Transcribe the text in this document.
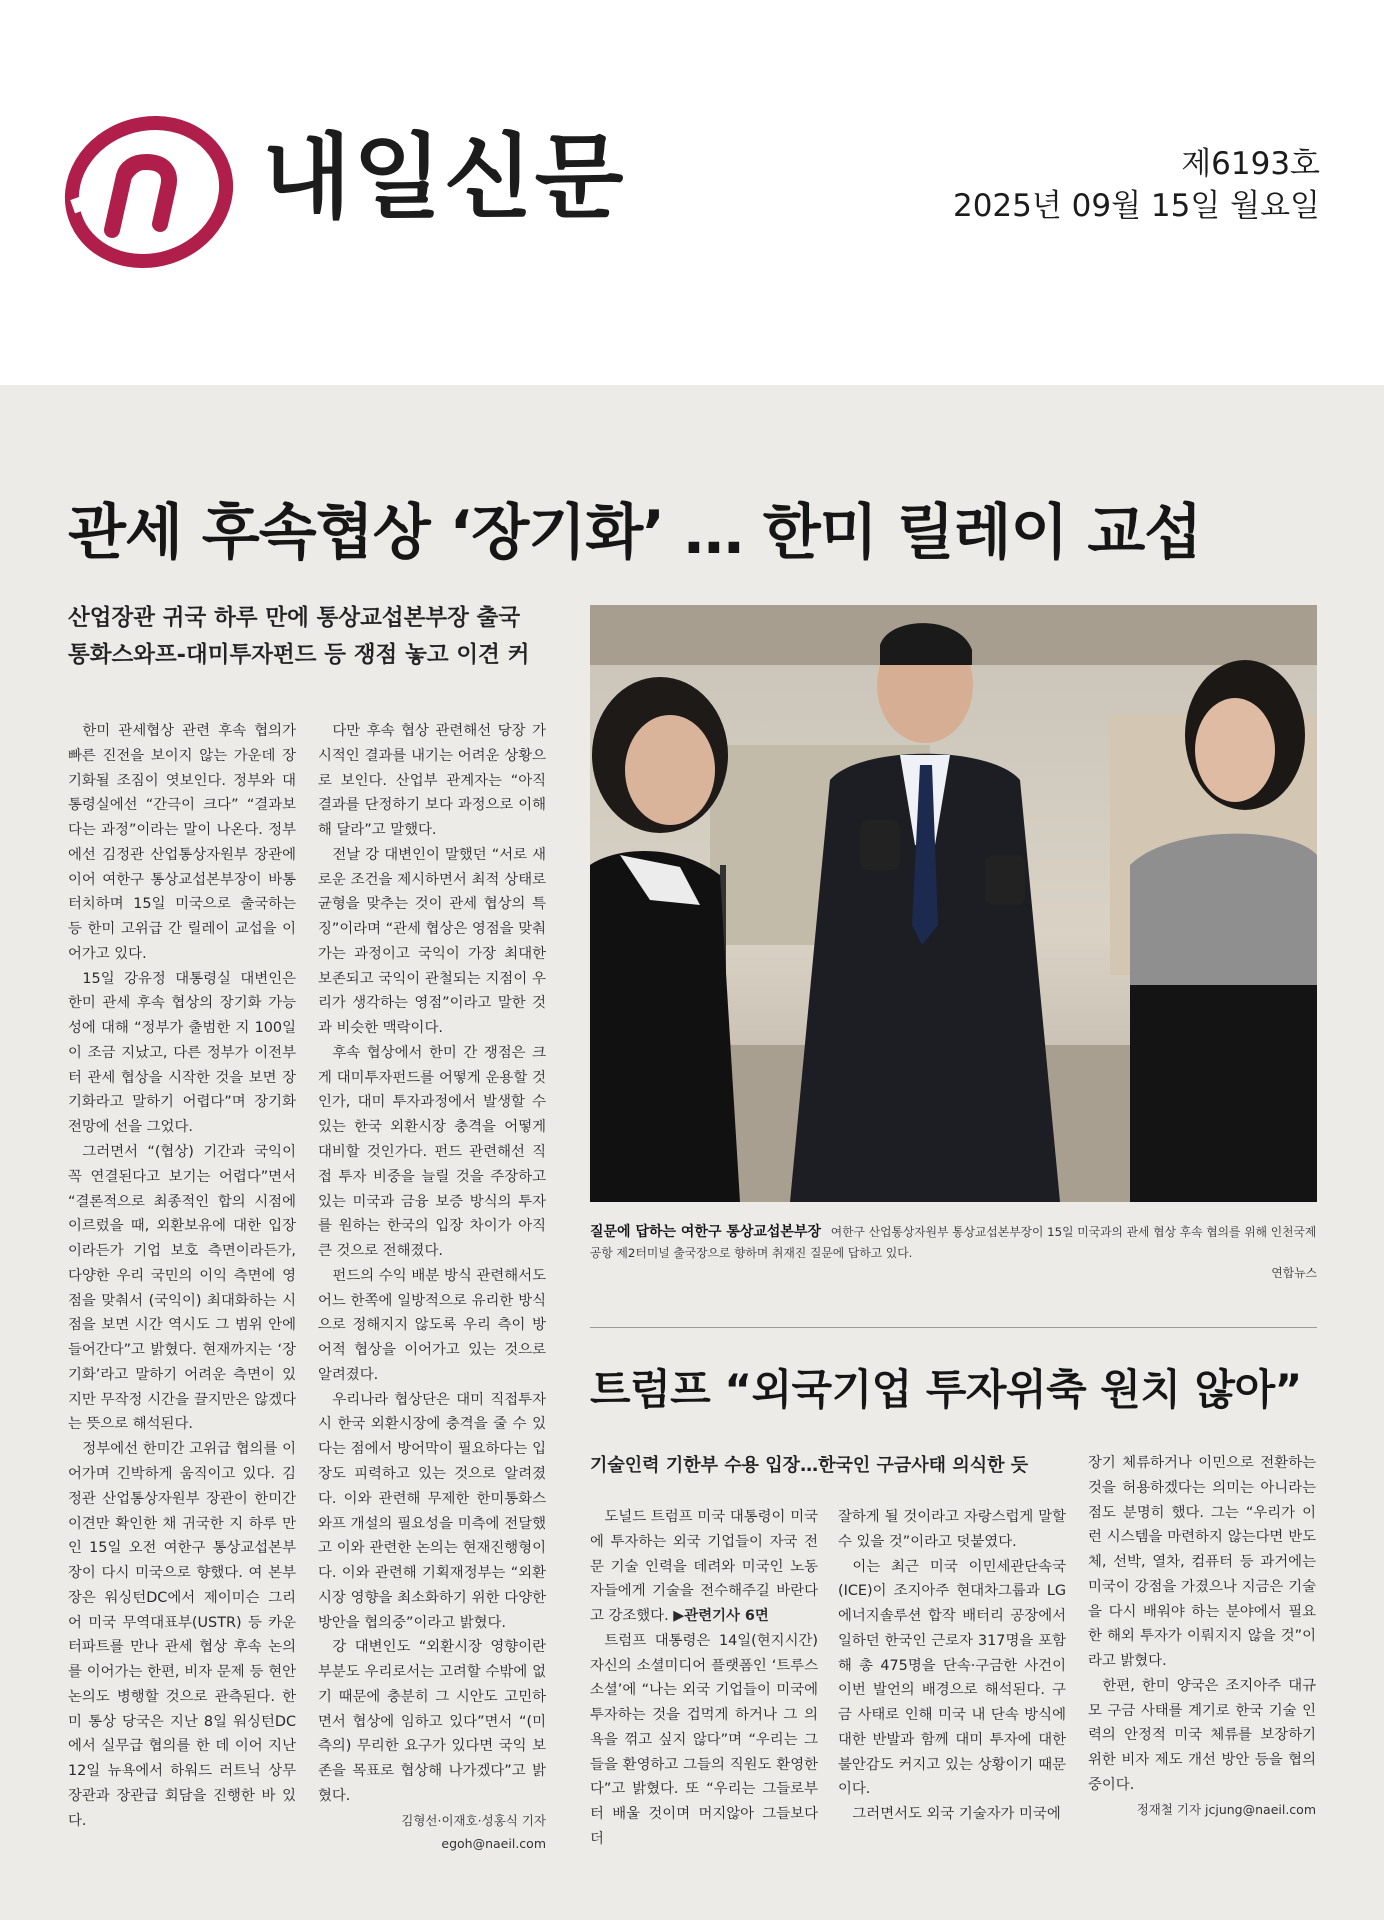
내일신문	제6193호
2025년 09월 15일 월요일
관세 후속협상 ‘장기화’ … 한미 릴레이 교섭
산업장관 귀국 하루 만에 통상교섭본부장 출국
통화스와프-대미투자펀드 등 쟁점 놓고 이견 커

한미 관세협상 관련 후속 협의가 빠른 진전을 보이지 않는 가운데 장기화될 조짐이 엿보인다. 정부와 대통령실에선 “간극이 크다” “결과보다는 과정”이라는 말이 나온다. 정부에선 김정관 산업통상자원부 장관에 이어 여한구 통상교섭본부장이 바통터치하며 15일 미국으로 출국하는 등 한미 고위급 간 릴레이 교섭을 이어가고 있다.

15일 강유정 대통령실 대변인은 한미 관세 후속 협상의 장기화 가능성에 대해 “정부가 출범한 지 100일이 조금 지났고, 다른 정부가 이전부터 관세 협상을 시작한 것을 보면 장기화라고 말하기 어렵다”며 장기화 전망에 선을 그었다.

그러면서 “(협상) 기간과 국익이 꼭 연결된다고 보기는 어렵다”면서 “결론적으로 최종적인 합의 시점에 이르렀을 때, 외환보유에 대한 입장이라든가 기업 보호 측면이라든가, 다양한 우리 국민의 이익 측면에 영점을 맞춰서 (국익이) 최대화하는 시점을 보면 시간 역시도 그 범위 안에 들어간다”고 밝혔다. 현재까지는 ‘장기화’라고 말하기 어려운 측면이 있지만 무작정 시간을 끌지만은 않겠다는 뜻으로 해석된다.

정부에선 한미간 고위급 협의를 이어가며 긴박하게 움직이고 있다. 김정관 산업통상자원부 장관이 한미간 이견만 확인한 채 귀국한 지 하루 만인 15일 오전 여한구 통상교섭본부장이 다시 미국으로 향했다. 여 본부장은 워싱턴DC에서 제이미슨 그리어 미국 무역대표부(USTR) 등 카운터파트를 만나 관세 협상 후속 논의를 이어가는 한편, 비자 문제 등 현안 논의도 병행할 것으로 관측된다. 한미 통상 당국은 지난 8일 워싱턴DC에서 실무급 협의를 한 데 이어 지난 12일 뉴욕에서 하워드 러트닉 상무장관과 장관급 회담을 진행한 바 있다.

다만 후속 협상 관련해선 당장 가시적인 결과를 내기는 어려운 상황으로 보인다. 산업부 관계자는 “아직 결과를 단정하기 보다 과정으로 이해해 달라”고 말했다.

전날 강 대변인이 말했던 “서로 새로운 조건을 제시하면서 최적 상태로 균형을 맞추는 것이 관세 협상의 특징”이라며 “관세 협상은 영점을 맞춰가는 과정이고 국익이 가장 최대한 보존되고 국익이 관철되는 지점이 우리가 생각하는 영점”이라고 말한 것과 비슷한 맥락이다.

후속 협상에서 한미 간 쟁점은 크게 대미투자펀드를 어떻게 운용할 것인가, 대미 투자과정에서 발생할 수 있는 한국 외환시장 충격을 어떻게 대비할 것인가다. 펀드 관련해선 직접 투자 비중을 늘릴 것을 주장하고 있는 미국과 금융 보증 방식의 투자를 원하는 한국의 입장 차이가 아직 큰 것으로 전해졌다.

펀드의 수익 배분 방식 관련해서도 어느 한쪽에 일방적으로 유리한 방식으로 정해지지 않도록 우리 측이 방어적 협상을 이어가고 있는 것으로 알려졌다.

우리나라 협상단은 대미 직접투자 시 한국 외환시장에 충격을 줄 수 있다는 점에서 방어막이 필요하다는 입장도 피력하고 있는 것으로 알려졌다. 이와 관련해 무제한 한미통화스와프 개설의 필요성을 미측에 전달했고 이와 관련한 논의는 현재진행형이다. 이와 관련해 기획재정부는 “외환시장 영향을 최소화하기 위한 다양한 방안을 협의중”이라고 밝혔다.

강 대변인도 “외환시장 영향이란 부분도 우리로서는 고려할 수밖에 없기 때문에 충분히 그 시안도 고민하면서 협상에 임하고 있다”면서 “(미 측의) 무리한 요구가 있다면 국익 보존을 목표로 협상해 나가겠다”고 밝혔다.

김형선·이재호·성홍식 기자

egoh@naeil.com

질문에 답하는 여한구 통상교섭본부장 여한구 산업통상자원부 통상교섭본부장이 15일 미국과의 관세 협상 후속 협의를 위해 인천국제공항 제2터미널 출국장으로 향하며 취재진 질문에 답하고 있다.
연합뉴스
트럼프 “외국기업 투자위축 원치 않아”
기술인력 기한부 수용 입장…한국인 구금사태 의식한 듯

도널드 트럼프 미국 대통령이 미국에 투자하는 외국 기업들이 자국 전문 기술 인력을 데려와 미국인 노동자들에게 기술을 전수해주길 바란다고 강조했다. ▶관련기사 6면

트럼프 대통령은 14일(현지시간) 자신의 소셜미디어 플랫폼인 ‘트루스소셜’에 “나는 외국 기업들이 미국에 투자하는 것을 겁먹게 하거나 그 의욕을 꺾고 싶지 않다”며 “우리는 그들을 환영하고 그들의 직원도 환영한다”고 밝혔다. 또 “우리는 그들로부터 배울 것이며 머지않아 그들보다 더

잘하게 될 것이라고 자랑스럽게 말할 수 있을 것”이라고 덧붙였다.

이는 최근 미국 이민세관단속국(ICE)이 조지아주 현대차그룹과 LG에너지솔루션 합작 배터리 공장에서 일하던 한국인 근로자 317명을 포함해 총 475명을 단속·구금한 사건이 이번 발언의 배경으로 해석된다. 구금 사태로 인해 미국 내 단속 방식에 대한 반발과 함께 대미 투자에 대한 불안감도 커지고 있는 상황이기 때문이다.

그러면서도 외국 기술자가 미국에

장기 체류하거나 이민으로 전환하는 것을 허용하겠다는 의미는 아니라는 점도 분명히 했다. 그는 “우리가 이런 시스템을 마련하지 않는다면 반도체, 선박, 열차, 컴퓨터 등 과거에는 미국이 강점을 가졌으나 지금은 기술을 다시 배워야 하는 분야에서 필요한 해외 투자가 이뤄지지 않을 것”이라고 밝혔다.

한편, 한미 양국은 조지아주 대규모 구금 사태를 계기로 한국 기술 인력의 안정적 미국 체류를 보장하기 위한 비자 제도 개선 방안 등을 협의 중이다.

정재철 기자 jcjung@naeil.com
